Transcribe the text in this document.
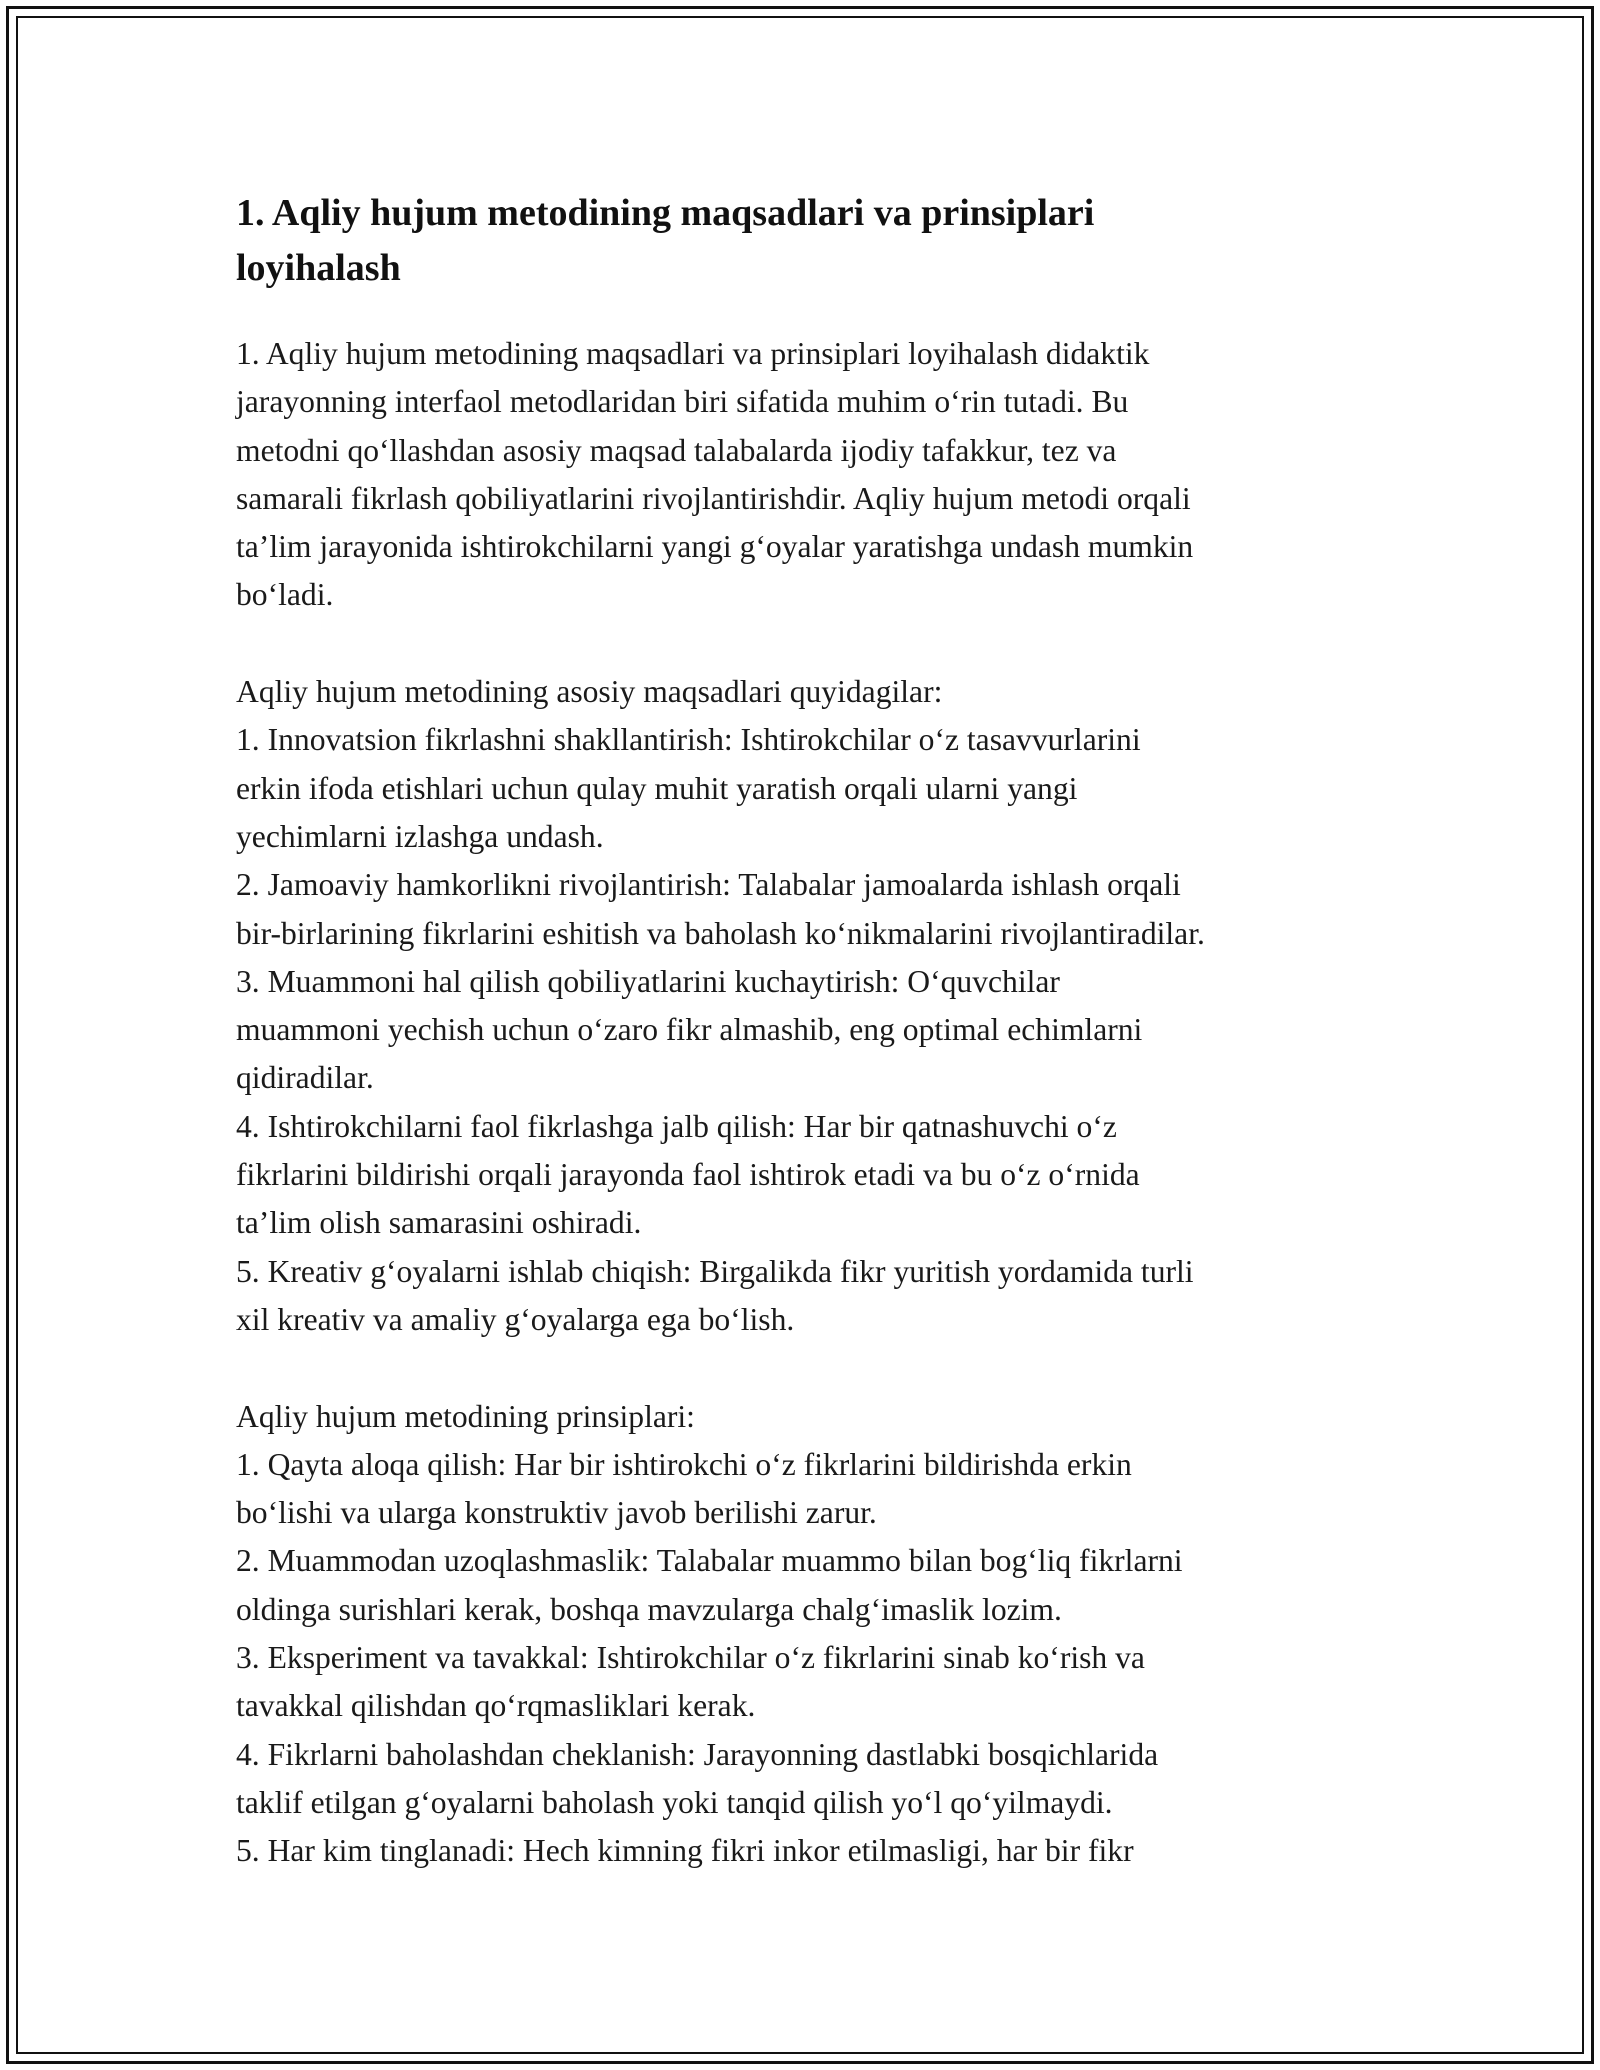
1. Aqliy hujum metodining maqsadlari va prinsiplari
loyihalash
1. Aqliy hujum metodining maqsadlari va prinsiplari loyihalash didaktik
jarayonning interfaol metodlaridan biri sifatida muhim o‘rin tutadi. Bu
metodni qo‘llashdan asosiy maqsad talabalarda ijodiy tafakkur, tez va
samarali fikrlash qobiliyatlarini rivojlantirishdir. Aqliy hujum metodi orqali
ta’lim jarayonida ishtirokchilarni yangi g‘oyalar yaratishga undash mumkin
bo‘ladi.
Aqliy hujum metodining asosiy maqsadlari quyidagilar:
1. Innovatsion fikrlashni shakllantirish: Ishtirokchilar o‘z tasavvurlarini
erkin ifoda etishlari uchun qulay muhit yaratish orqali ularni yangi
yechimlarni izlashga undash.
2. Jamoaviy hamkorlikni rivojlantirish: Talabalar jamoalarda ishlash orqali
bir-birlarining fikrlarini eshitish va baholash ko‘nikmalarini rivojlantiradilar.
3. Muammoni hal qilish qobiliyatlarini kuchaytirish: O‘quvchilar
muammoni yechish uchun o‘zaro fikr almashib, eng optimal echimlarni
qidiradilar.
4. Ishtirokchilarni faol fikrlashga jalb qilish: Har bir qatnashuvchi o‘z
fikrlarini bildirishi orqali jarayonda faol ishtirok etadi va bu o‘z o‘rnida
ta’lim olish samarasini oshiradi.
5. Kreativ g‘oyalarni ishlab chiqish: Birgalikda fikr yuritish yordamida turli
xil kreativ va amaliy g‘oyalarga ega bo‘lish.
Aqliy hujum metodining prinsiplari:
1. Qayta aloqa qilish: Har bir ishtirokchi o‘z fikrlarini bildirishda erkin
bo‘lishi va ularga konstruktiv javob berilishi zarur.
2. Muammodan uzoqlashmaslik: Talabalar muammo bilan bog‘liq fikrlarni
oldinga surishlari kerak, boshqa mavzularga chalg‘imaslik lozim.
3. Eksperiment va tavakkal: Ishtirokchilar o‘z fikrlarini sinab ko‘rish va
tavakkal qilishdan qo‘rqmasliklari kerak.
4. Fikrlarni baholashdan cheklanish: Jarayonning dastlabki bosqichlarida
taklif etilgan g‘oyalarni baholash yoki tanqid qilish yo‘l qo‘yilmaydi.
5. Har kim tinglanadi: Hech kimning fikri inkor etilmasligi, har bir fikr
